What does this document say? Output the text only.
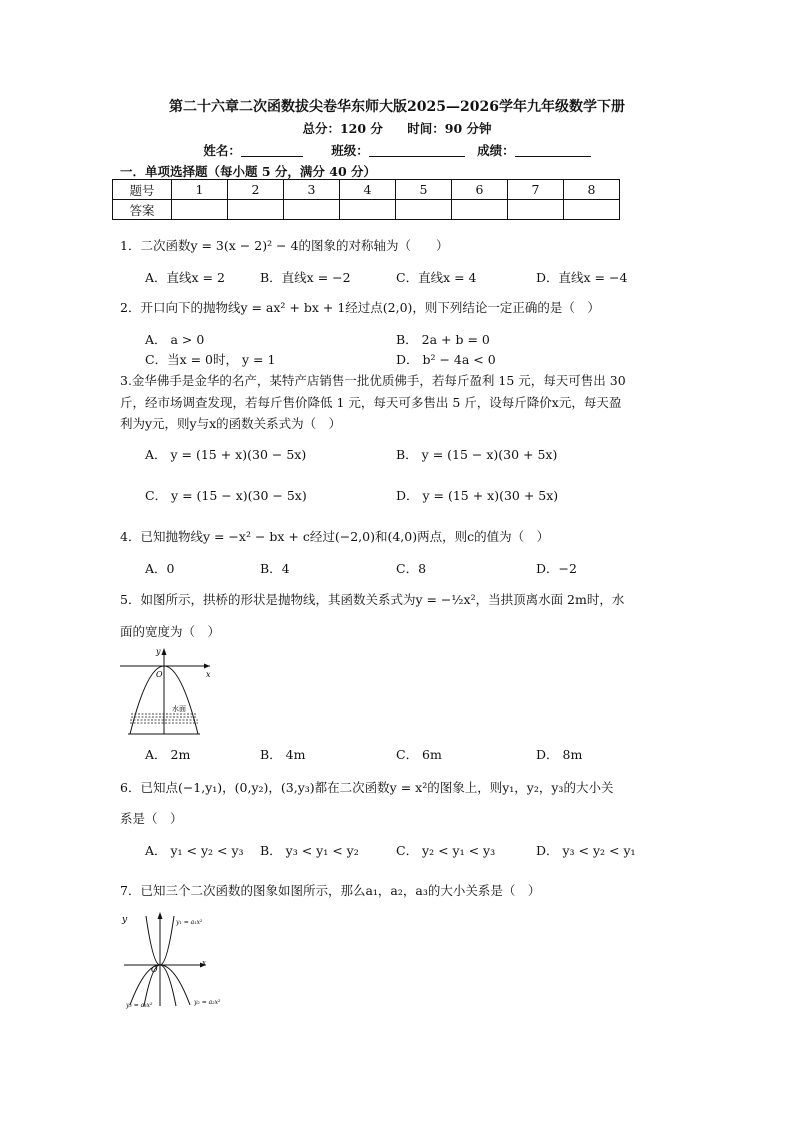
第二十六章二次函数拔尖卷华东师大版2025—2026学年九年级数学下册
总分：120 分 时间：90 分钟
姓名：	班级：	成绩：
一．单项选择题（每小题 5 分，满分 40 分）
题号	1	2	3	4	5	6	7	8
答案								
1．二次函数y = 3(x − 2)² − 4的图象的对称轴为（　　）
A．直线x = 2	B．直线x = −2	C．直线x = 4	D．直线x = −4
2．开口向下的抛物线y = ax² + bx + 1经过点(2,0)，则下列结论一定正确的是（　）
A． a > 0	B． 2a + b = 0
C．当x = 0时， y = 1	D． b² − 4a < 0
3.金华佛手是金华的名产，某特产店销售一批优质佛手，若每斤盈利 15 元，每天可售出 30
斤，经市场调查发现，若每斤售价降低 1 元，每天可多售出 5 斤，设每斤降价x元，每天盈
利为y元，则y与x的函数关系式为（　）
A． y = (15 + x)(30 − 5x)	B． y = (15 − x)(30 + 5x)
C． y = (15 − x)(30 − 5x)	D． y = (15 + x)(30 + 5x)
4．已知抛物线y = −x² − bx + c经过(−2,0)和(4,0)两点，则c的值为（　）
A．0	B．4	C．8	D．−2
5．如图所示，拱桥的形状是抛物线，其函数关系式为y = −½x²，当拱顶离水面 2m时，水
面的宽度为（　）
x
y
O
水面
A． 2m	B． 4m	C． 6m	D． 8m
6．已知点(−1,y₁)，(0,y₂)，(3,y₃)都在二次函数y = x²的图象上，则y₁，y₂，y₃的大小关
系是（　）
A． y₁ < y₂ < y₃ B． y₃ < y₁ < y₂	C． y₂ < y₁ < y₃	D． y₃ < y₂ < y₁
7．已知三个二次函数的图象如图所示，那么a₁，a₂，a₃的大小关系是（　）
y
x
O
y₁ = a₁x²
y₂ = a₂x²
y₃ = a₃x²
